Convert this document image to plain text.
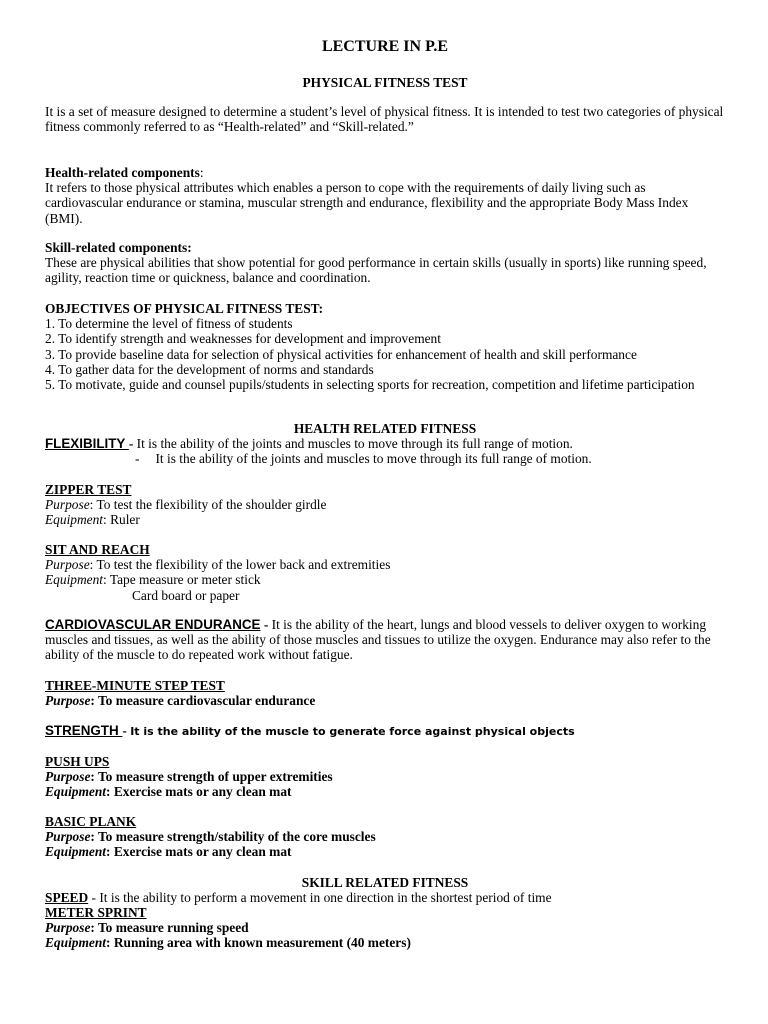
LECTURE IN P.E
PHYSICAL FITNESS TEST

It is a set of measure designed to determine a student’s level of physical fitness. It is intended to test two categories of physical fitness commonly referred to as “Health-related” and “Skill-related.”

Health-related components:

It refers to those physical attributes which enables a person to cope with the requirements of daily living such as cardiovascular endurance or stamina, muscular strength and endurance, flexibility and the appropriate Body Mass Index (BMI).

Skill-related components:

These are physical abilities that show potential for good performance in certain skills (usually in sports) like running speed, agility, reaction time or quickness, balance and coordination.

OBJECTIVES OF PHYSICAL FITNESS TEST:

1. To determine the level of fitness of students

2. To identify strength and weaknesses for development and improvement

3. To provide baseline data for selection of physical activities for enhancement of health and skill performance

4. To gather data for the development of norms and standards

5. To motivate, guide and counsel pupils/students in selecting sports for recreation, competition and lifetime participation

HEALTH RELATED FITNESS

FLEXIBILITY - It is the ability of the joints and muscles to move through its full range of motion.

- It is the ability of the joints and muscles to move through its full range of motion.

ZIPPER TEST

Purpose: To test the flexibility of the shoulder girdle

Equipment: Ruler

SIT AND REACH

Purpose: To test the flexibility of the lower back and extremities

Equipment: Tape measure or meter stick

Card board or paper

CARDIOVASCULAR ENDURANCE - It is the ability of the heart, lungs and blood vessels to deliver oxygen to working muscles and tissues, as well as the ability of those muscles and tissues to utilize the oxygen. Endurance may also refer to the ability of the muscle to do repeated work without fatigue.

THREE-MINUTE STEP TEST

Purpose: To measure cardiovascular endurance

STRENGTH - It is the ability of the muscle to generate force against physical objects

PUSH UPS

Purpose: To measure strength of upper extremities

Equipment: Exercise mats or any clean mat

BASIC PLANK

Purpose: To measure strength/stability of the core muscles

Equipment: Exercise mats or any clean mat

SKILL RELATED FITNESS

SPEED - It is the ability to perform a movement in one direction in the shortest period of time

METER SPRINT

Purpose: To measure running speed

Equipment: Running area with known measurement (40 meters)
